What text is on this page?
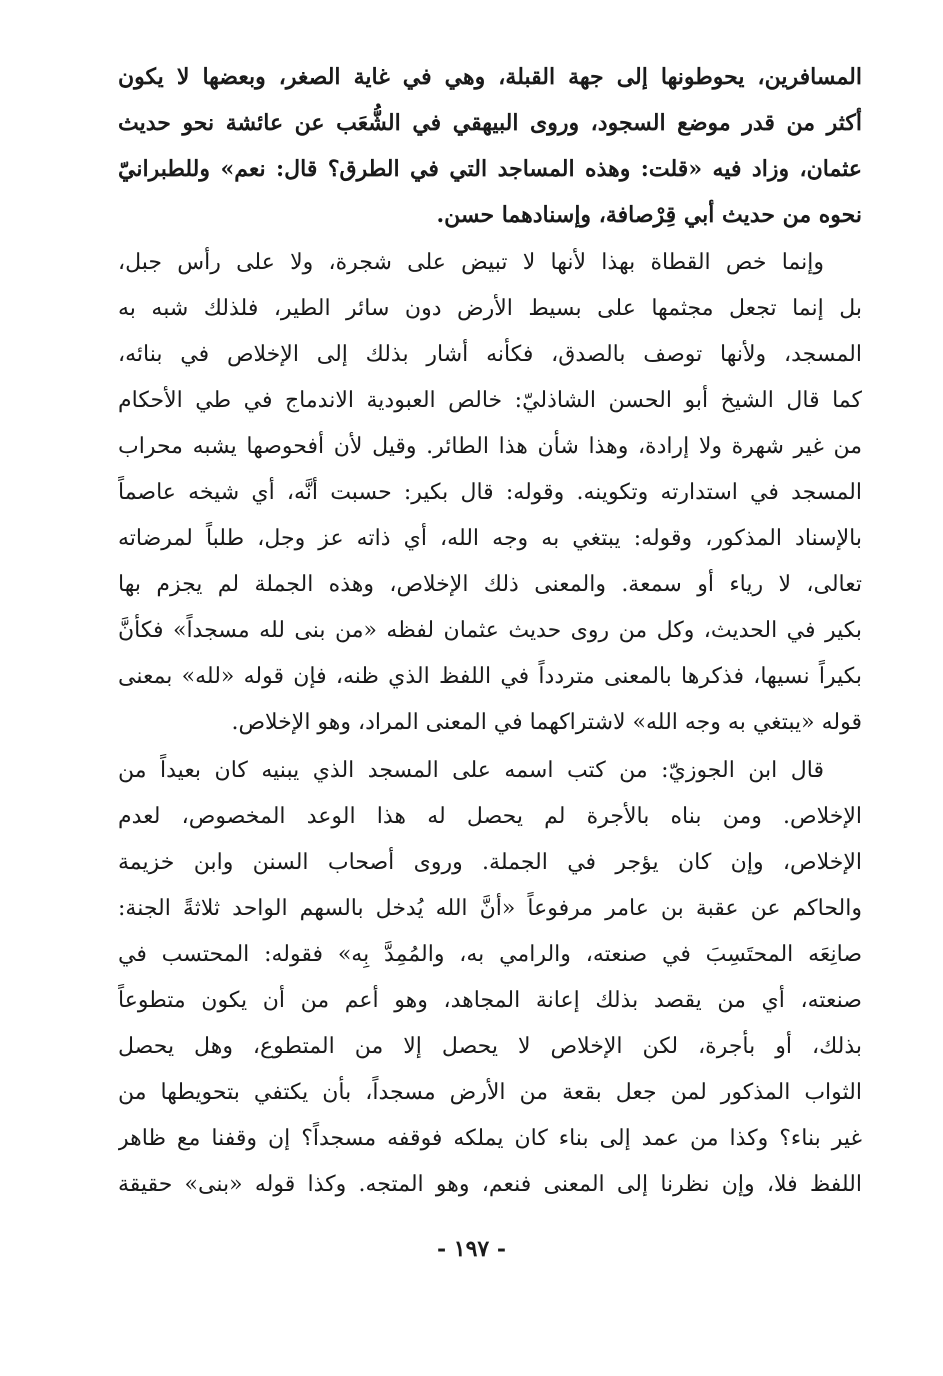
المسافرين، يحوطونها إلى جهة القبلة، وهي في غاية الصغر، وبعضها لا يكون
أكثر من قدر موضع السجود، وروى البيهقي في الشُّعَب عن عائشة نحو حديث
عثمان، وزاد فيه «قلت: وهذه المساجد التي في الطرق؟ قال: نعم» وللطبرانيّ
نحوه من حديث أبي قِرْصافة، وإسنادهما حسن.
وإنما خص القطاة بهذا لأنها لا تبيض على شجرة، ولا على رأس جبل،
بل إنما تجعل مجثمها على بسيط الأرض دون سائر الطير، فلذلك شبه به
المسجد، ولأنها توصف بالصدق، فكأنه أشار بذلك إلى الإخلاص في بنائه،
كما قال الشيخ أبو الحسن الشاذليّ: خالص العبودية الاندماج في طي الأحكام
من غير شهرة ولا إرادة، وهذا شأن هذا الطائر. وقيل لأن أفحوصها يشبه محراب
المسجد في استدارته وتكوينه. وقوله: قال بكير: حسبت أنَّه، أي شيخه عاصماً
بالإسناد المذكور، وقوله: يبتغي به وجه الله، أي ذاته عز وجل، طلباً لمرضاته
تعالى، لا رياء أو سمعة. والمعنى ذلك الإخلاص، وهذه الجملة لم يجزم بها
بكير في الحديث، وكل من روى حديث عثمان لفظه «من بنى لله مسجداً» فكأنَّ
بكيراً نسيها، فذكرها بالمعنى متردداً في اللفظ الذي ظنه، فإن قوله «لله» بمعنى
قوله «يبتغي به وجه الله» لاشتراكهما في المعنى المراد، وهو الإخلاص.
قال ابن الجوزيّ: من كتب اسمه على المسجد الذي يبنيه كان بعيداً من
الإخلاص. ومن بناه بالأجرة لم يحصل له هذا الوعد المخصوص، لعدم
الإخلاص، وإن كان يؤجر في الجملة. وروى أصحاب السنن وابن خزيمة
والحاكم عن عقبة بن عامر مرفوعاً «أنَّ الله يُدخل بالسهم الواحد ثلاثةً الجنة:
صانِعَه المحتَسِبَ في صنعته، والرامي به، والمُمِدَّ بِه» فقوله: المحتسب في
صنعته، أي من يقصد بذلك إعانة المجاهد، وهو أعم من أن يكون متطوعاً
بذلك، أو بأجرة، لكن الإخلاص لا يحصل إلا من المتطوع، وهل يحصل
الثواب المذكور لمن جعل بقعة من الأرض مسجداً، بأن يكتفي بتحويطها من
غير بناء؟ وكذا من عمد إلى بناء كان يملكه فوقفه مسجداً؟ إن وقفنا مع ظاهر
اللفظ فلا، وإن نظرنا إلى المعنى فنعم، وهو المتجه. وكذا قوله «بنى» حقيقة
- ١٩٧ -
